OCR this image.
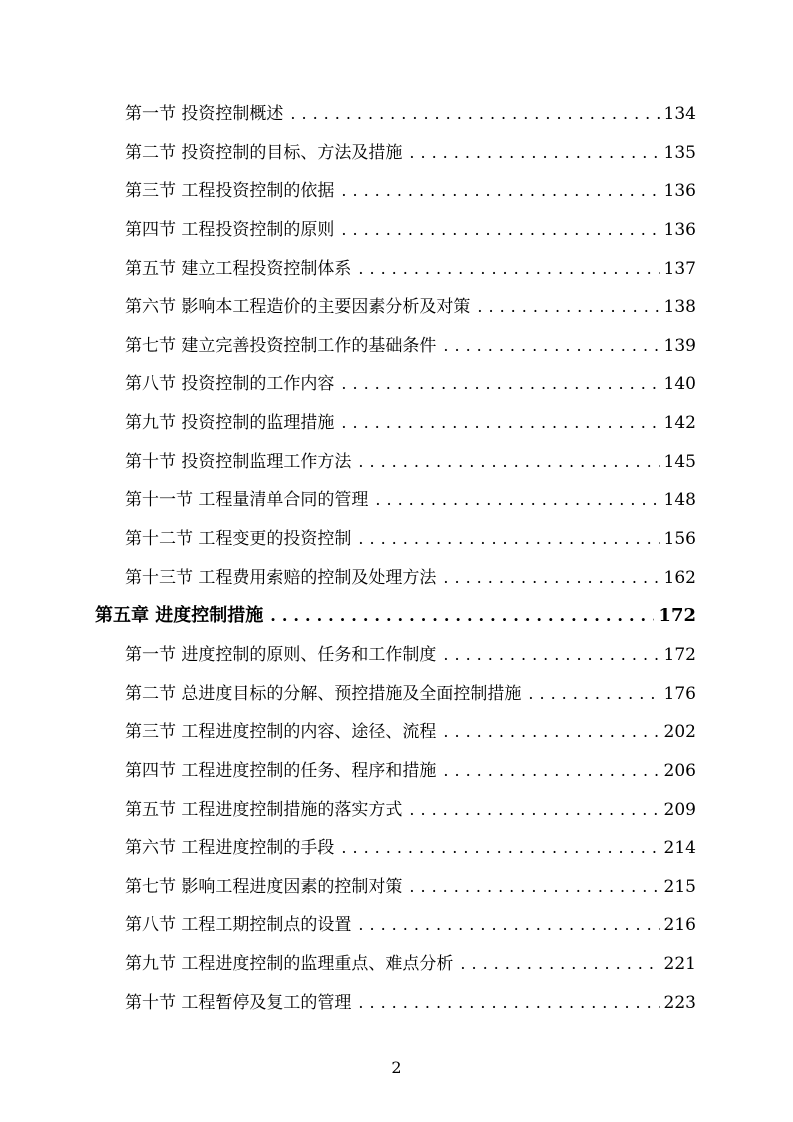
第一节 投资控制概述 .....	134
第二节 投资控制的目标、方法及措施 .....	135
第三节 工程投资控制的依据 .....	136
第四节 工程投资控制的原则 .....	136
第五节 建立工程投资控制体系 .....	137
第六节 影响本工程造价的主要因素分析及对策 .....	138
第七节 建立完善投资控制工作的基础条件 .....	139
第八节 投资控制的工作内容 .....	140
第九节 投资控制的监理措施 .....	142
第十节 投资控制监理工作方法 .....	145
第十一节 工程量清单合同的管理 .....	148
第十二节 工程变更的投资控制 .....	156
第十三节 工程费用索赔的控制及处理方法 .....	162
第五章 进度控制措施 .....	172
第一节 进度控制的原则、任务和工作制度 .....	172
第二节 总进度目标的分解、预控措施及全面控制措施 .....	176
第三节 工程进度控制的内容、途径、流程 .....	202
第四节 工程进度控制的任务、程序和措施 .....	206
第五节 工程进度控制措施的落实方式 .....	209
第六节 工程进度控制的手段 .....	214
第七节 影响工程进度因素的控制对策 .....	215
第八节 工程工期控制点的设置 .....	216
第九节 工程进度控制的监理重点、难点分析 .....	221
第十节 工程暂停及复工的管理 .....	223
2
